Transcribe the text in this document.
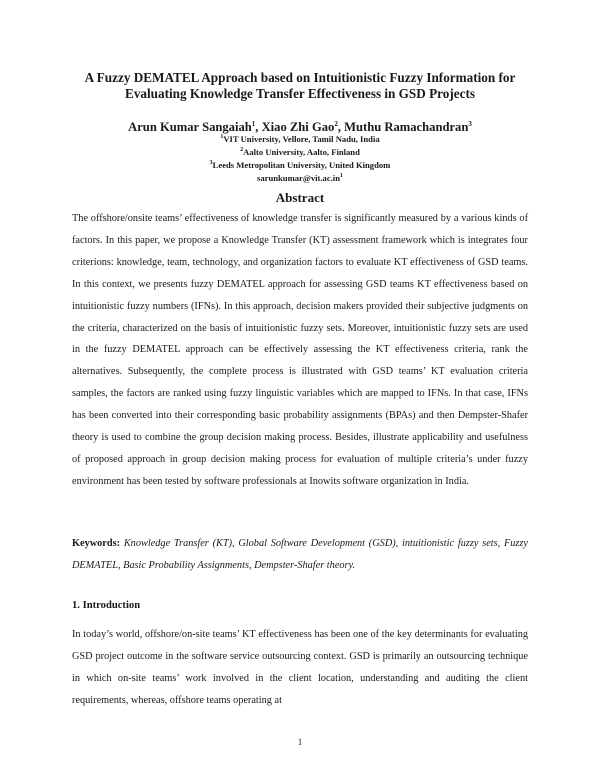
A Fuzzy DEMATEL Approach based on Intuitionistic Fuzzy Information for Evaluating Knowledge Transfer Effectiveness in GSD Projects
Arun Kumar Sangaiah$^1$, Xiao Zhi Gao$^2$, Muthu Ramachandran$^3$
$^1$VIT University, Vellore, Tamil Nadu, India
$^2$Aalto University, Aalto, Finland
$^3$Leeds Metropolitan University, United Kingdom
$sarunkumar@vit.ac.in^1$
Abstract

The offshore/onsite teams’ effectiveness of knowledge transfer is significantly measured by a various kinds of factors. In this paper, we propose a Knowledge Transfer (KT) assessment framework which is integrates four criterions: knowledge, team, technology, and organization factors to evaluate KT effectiveness of GSD teams. In this context, we presents fuzzy DEMATEL approach for assessing GSD teams KT effectiveness based on intuitionistic fuzzy numbers (IFNs). In this approach, decision makers provided their subjective judgments on the criteria, characterized on the basis of intuitionistic fuzzy sets. Moreover, intuitionistic fuzzy sets are used in the fuzzy DEMATEL approach can be effectively assessing the KT effectiveness criteria, rank the alternatives. Subsequently, the complete process is illustrated with GSD teams’ KT evaluation criteria samples, the factors are ranked using fuzzy linguistic variables which are mapped to IFNs. In that case, IFNs has been converted into their corresponding basic probability assignments (BPAs) and then Dempster-Shafer theory is used to combine the group decision making process. Besides, illustrate applicability and usefulness of proposed approach in group decision making process for evaluation of multiple criteria’s under fuzzy environment has been tested by software professionals at Inowits software organization in India.

Keywords: Knowledge Transfer (KT), Global Software Development (GSD), intuitionistic fuzzy sets, Fuzzy DEMATEL, Basic Probability Assignments, Dempster-Shafer theory.

1. Introduction

In today’s world, offshore/on-site teams’ KT effectiveness has been one of the key determinants for evaluating GSD project outcome in the software service outsourcing context. GSD is primarily an outsourcing technique in which on-site teams’ work involved in the client location, understanding and auditing the client requirements, whereas, offshore teams operating at

1
